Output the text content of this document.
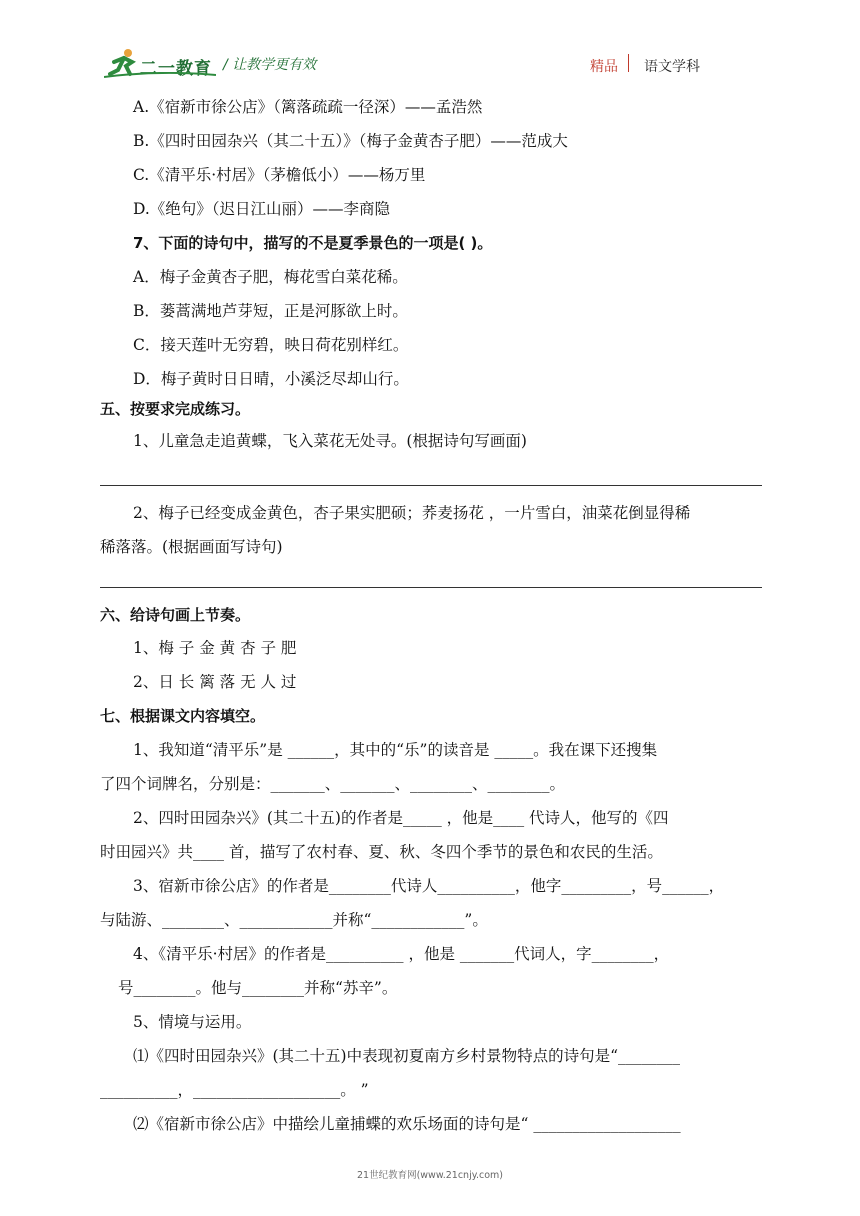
二一教育 / 让教学更有效	精品 语文学科
A.《宿新市徐公店》（篱落疏疏一径深）——孟浩然
B.《四时田园杂兴（其二十五）》（梅子金黄杏子肥）——范成大
C.《清平乐·村居》（茅檐低小）——杨万里
D.《绝句》（迟日江山丽）——李商隐
7、下面的诗句中，描写的不是夏季景色的一项是( )。
A．梅子金黄杏子肥，梅花雪白菜花稀。
B．蒌蒿满地芦芽短，正是河豚欲上时。
C．接天莲叶无穷碧，映日荷花别样红。
D．梅子黄时日日晴，小溪泛尽却山行。
五、按要求完成练习。
1、儿童急走追黄蝶，飞入菜花无处寻。(根据诗句写画面)
2、梅子已经变成金黄色，杏子果实肥硕；荞麦扬花 ，一片雪白，油菜花倒显得稀
稀落落。(根据画面写诗句)
六、给诗句画上节奏。
1、梅 子 金 黄 杏 子 肥
2、日 长 篱 落 无 人 过
七、根据课文内容填空。
1、我知道“清平乐”是 ______，其中的“乐”的读音是 _____。我在课下还搜集
了四个词牌名，分别是：_______、_______、________、________。
2、四时田园杂兴》(其二十五)的作者是_____ ，他是____ 代诗人，他写的《四
时田园兴》共____ 首，描写了农村春、夏、秋、冬四个季节的景色和农民的生活。
3、宿新市徐公店》的作者是________代诗人__________，他字_________，号______，
与陆游、________、____________并称“____________”。
4、《清平乐·村居》的作者是__________ ，他是 _______代词人，字________，
号________。他与________并称“苏辛”。
5、情境与运用。
⑴《四时田园杂兴》(其二十五)中表现初夏南方乡村景物特点的诗句是“________
__________，___________________。 ”
⑵《宿新市徐公店》中描绘儿童捕蝶的欢乐场面的诗句是“ ___________________
21世纪教育网(www.21cnjy.com)
